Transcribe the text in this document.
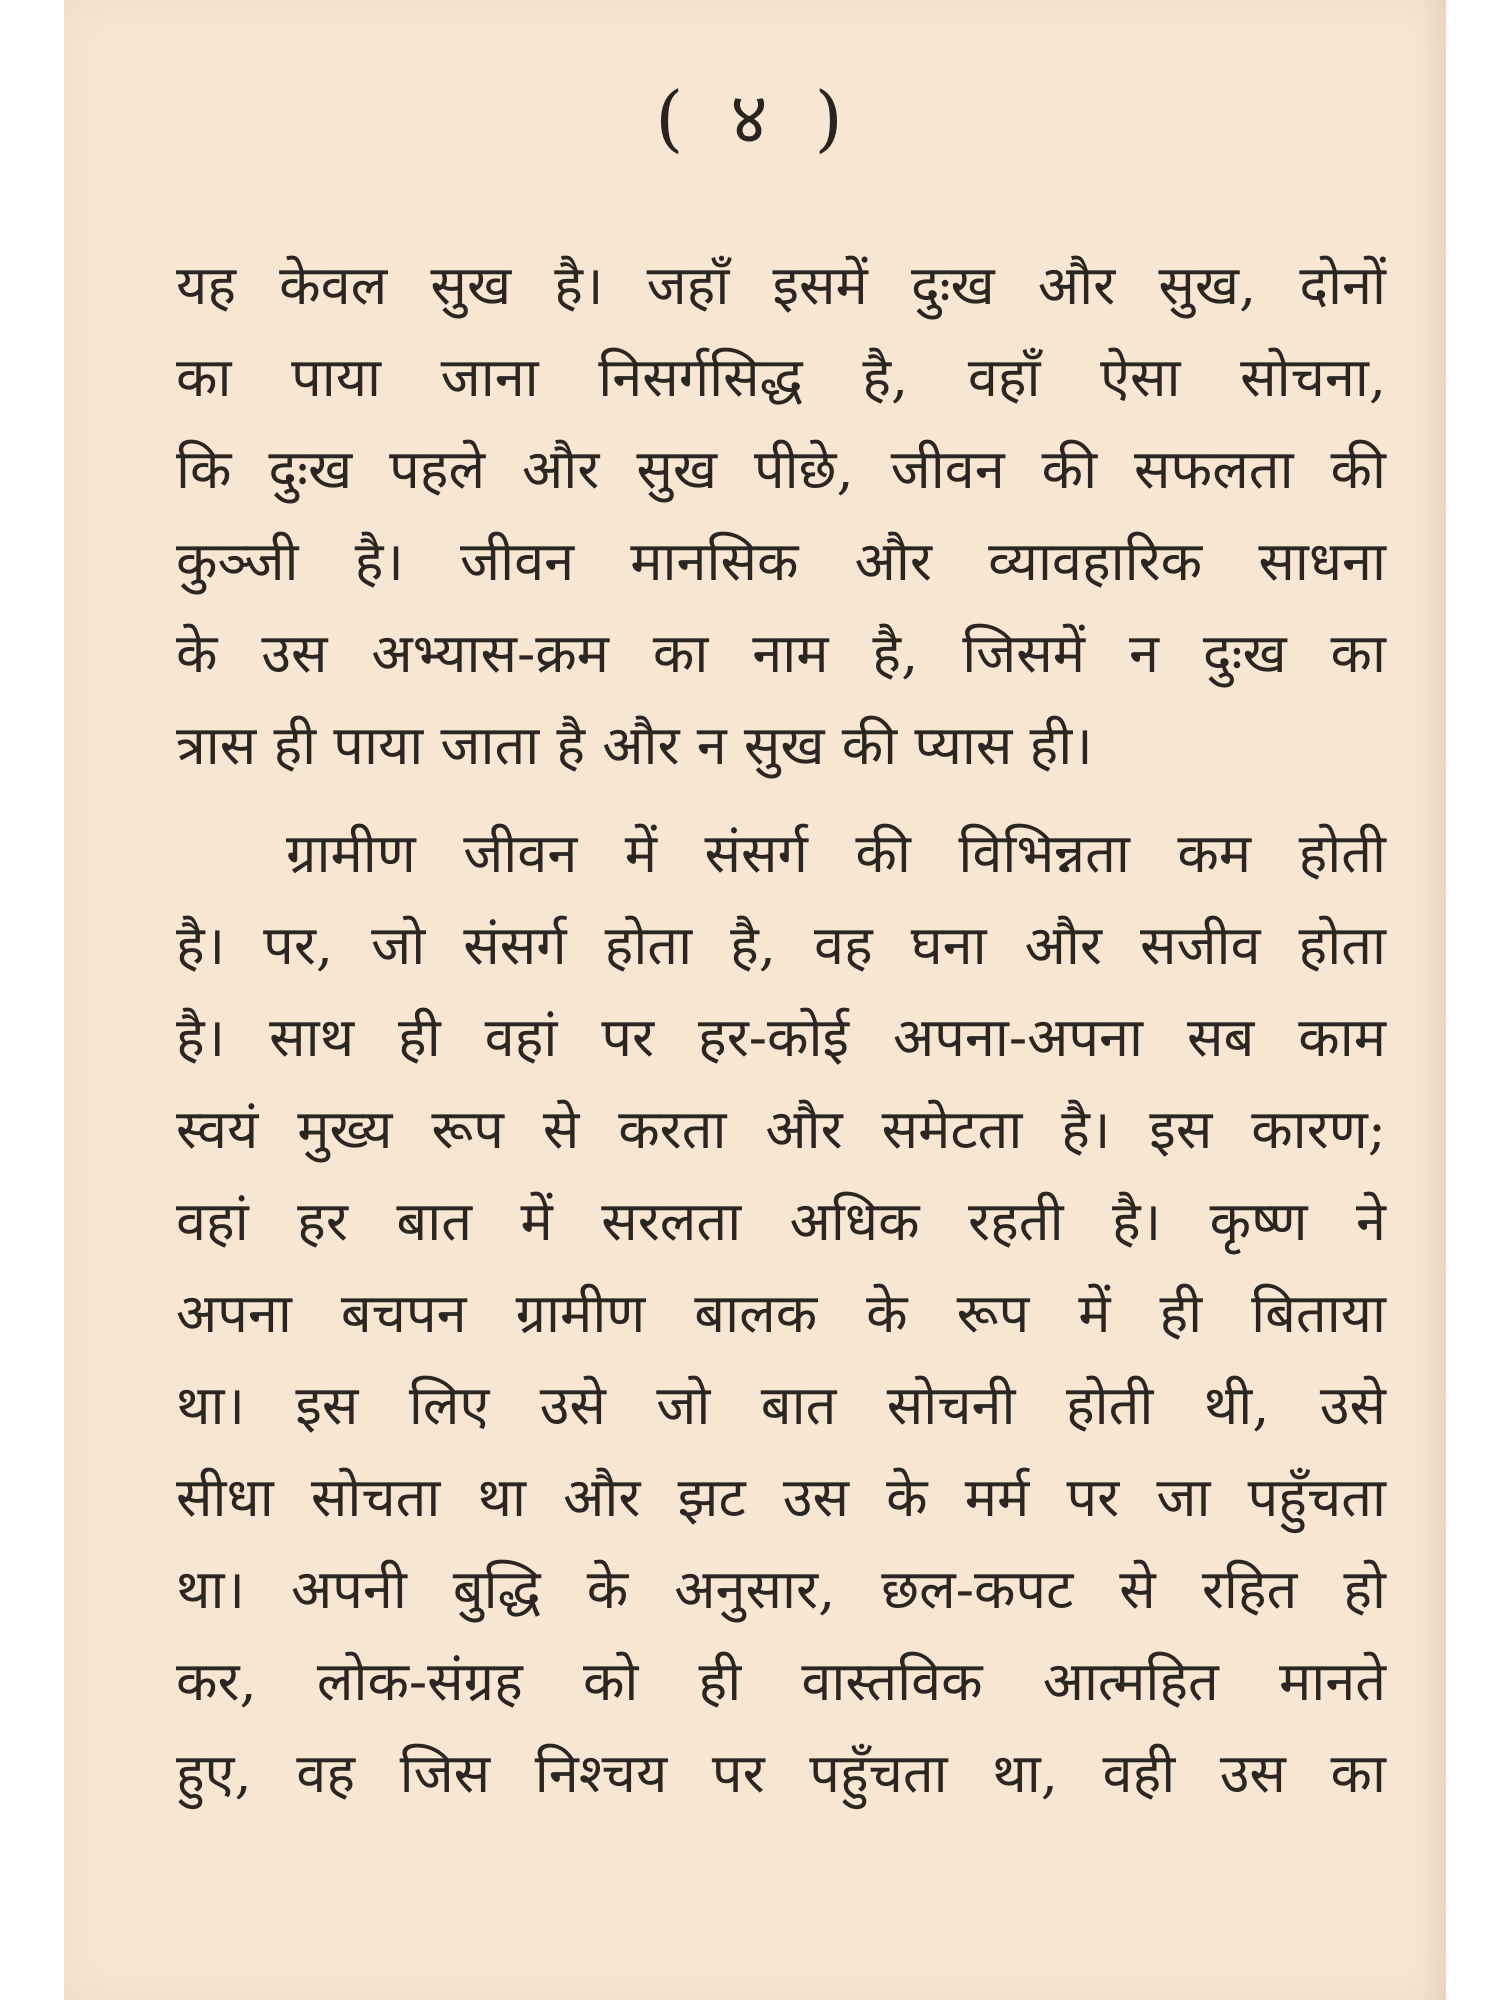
( ४ )
यह केवल सुख है। जहाँ इसमें दुःख और सुख, दोनों
का पाया जाना निसर्गसिद्ध है, वहाँ ऐसा सोचना,
कि दुःख पहले और सुख पीछे, जीवन की सफलता की
कुञ्जी है। जीवन मानसिक और व्यावहारिक साधना
के उस अभ्यास-क्रम का नाम है, जिसमें न दुःख का
त्रास ही पाया जाता है और न सुख की प्यास ही।
ग्रामीण जीवन में संसर्ग की विभिन्नता कम होती
है। पर, जो संसर्ग होता है, वह घना और सजीव होता
है। साथ ही वहां पर हर-कोई अपना-अपना सब काम
स्वयं मुख्य रूप से करता और समेटता है। इस कारण;
वहां हर बात में सरलता अधिक रहती है। कृष्ण ने
अपना बचपन ग्रामीण बालक के रूप में ही बिताया
था। इस लिए उसे जो बात सोचनी होती थी, उसे
सीधा सोचता था और झट उस के मर्म पर जा पहुँचता
था। अपनी बुद्धि के अनुसार, छल-कपट से रहित हो
कर, लोक-संग्रह को ही वास्तविक आत्महित मानते
हुए, वह जिस निश्चय पर पहुँचता था, वही उस का
